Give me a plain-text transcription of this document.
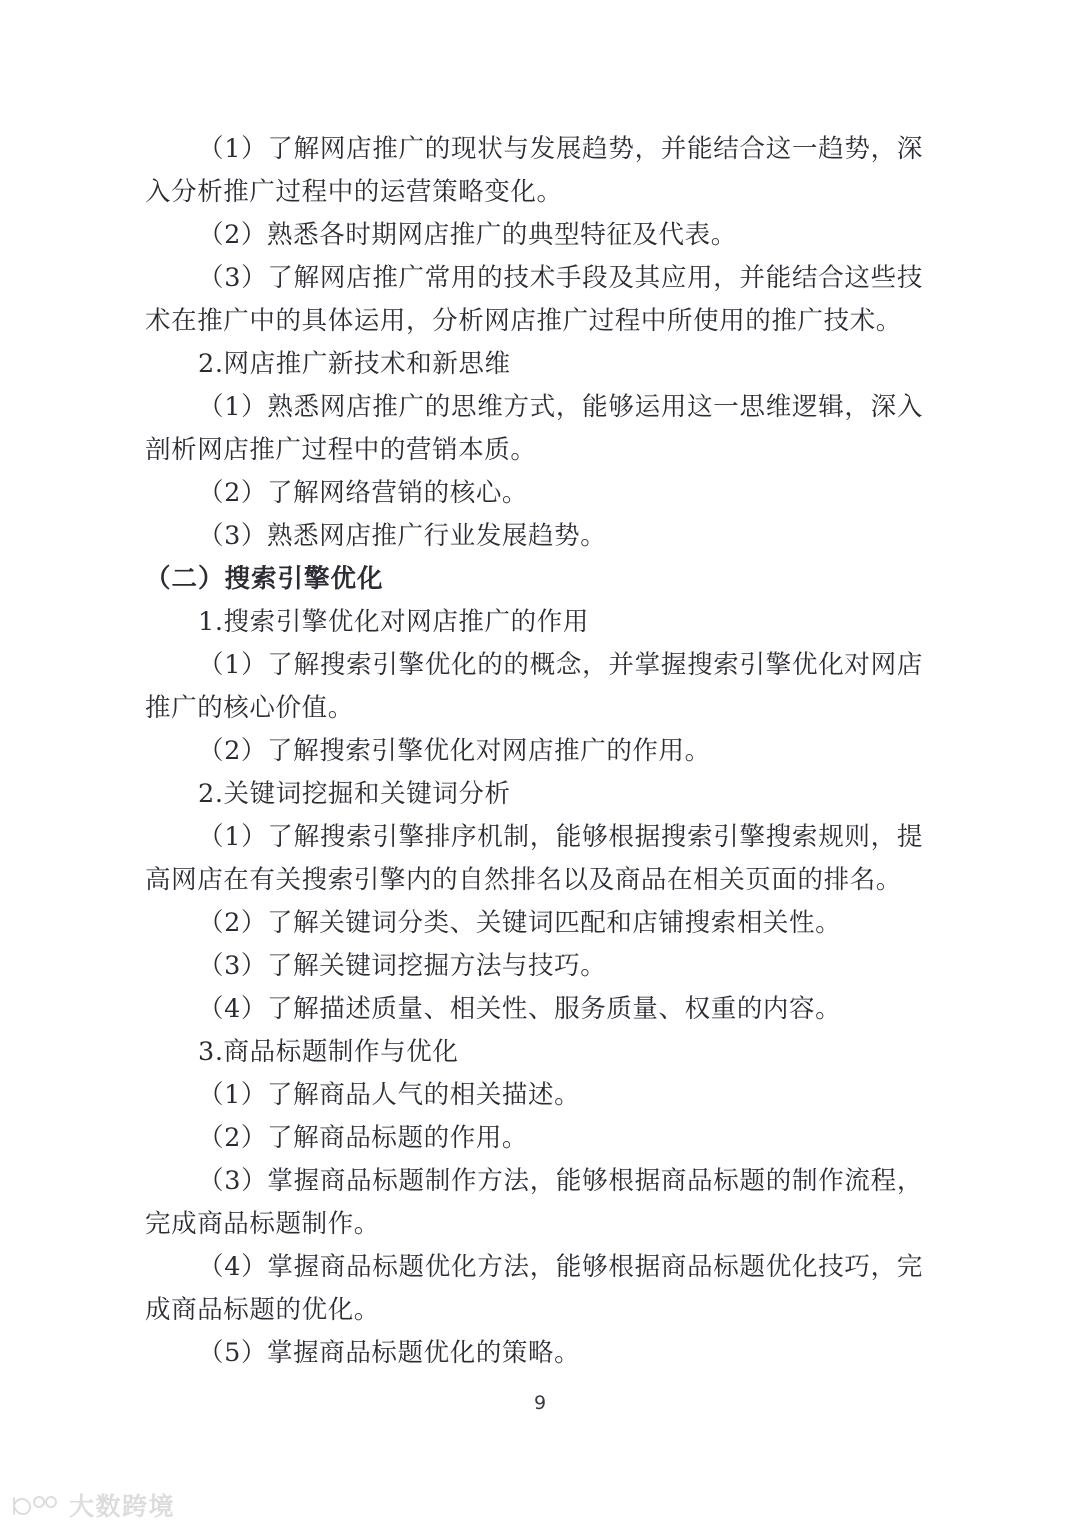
（1）了解网店推广的现状与发展趋势，并能结合这一趋势，深入分析推广过程中的运营策略变化。
（2）熟悉各时期网店推广的典型特征及代表。
（3）了解网店推广常用的技术手段及其应用，并能结合这些技术在推广中的具体运用，分析网店推广过程中所使用的推广技术。
2.网店推广新技术和新思维
（1）熟悉网店推广的思维方式，能够运用这一思维逻辑，深入剖析网店推广过程中的营销本质。
（2）了解网络营销的核心。
（3）熟悉网店推广行业发展趋势。
（二）搜索引擎优化
1.搜索引擎优化对网店推广的作用
（1）了解搜索引擎优化的的概念，并掌握搜索引擎优化对网店推广的核心价值。
（2）了解搜索引擎优化对网店推广的作用。
2.关键词挖掘和关键词分析
（1）了解搜索引擎排序机制，能够根据搜索引擎搜索规则，提高网店在有关搜索引擎内的自然排名以及商品在相关页面的排名。
（2）了解关键词分类、关键词匹配和店铺搜索相关性。
（3）了解关键词挖掘方法与技巧。
（4）了解描述质量、相关性、服务质量、权重的内容。
3.商品标题制作与优化
（1）了解商品人气的相关描述。
（2）了解商品标题的作用。
（3）掌握商品标题制作方法，能够根据商品标题的制作流程，完成商品标题制作。
（4）掌握商品标题优化方法，能够根据商品标题优化技巧，完成商品标题的优化。
（5）掌握商品标题优化的策略。
9
大数跨境
